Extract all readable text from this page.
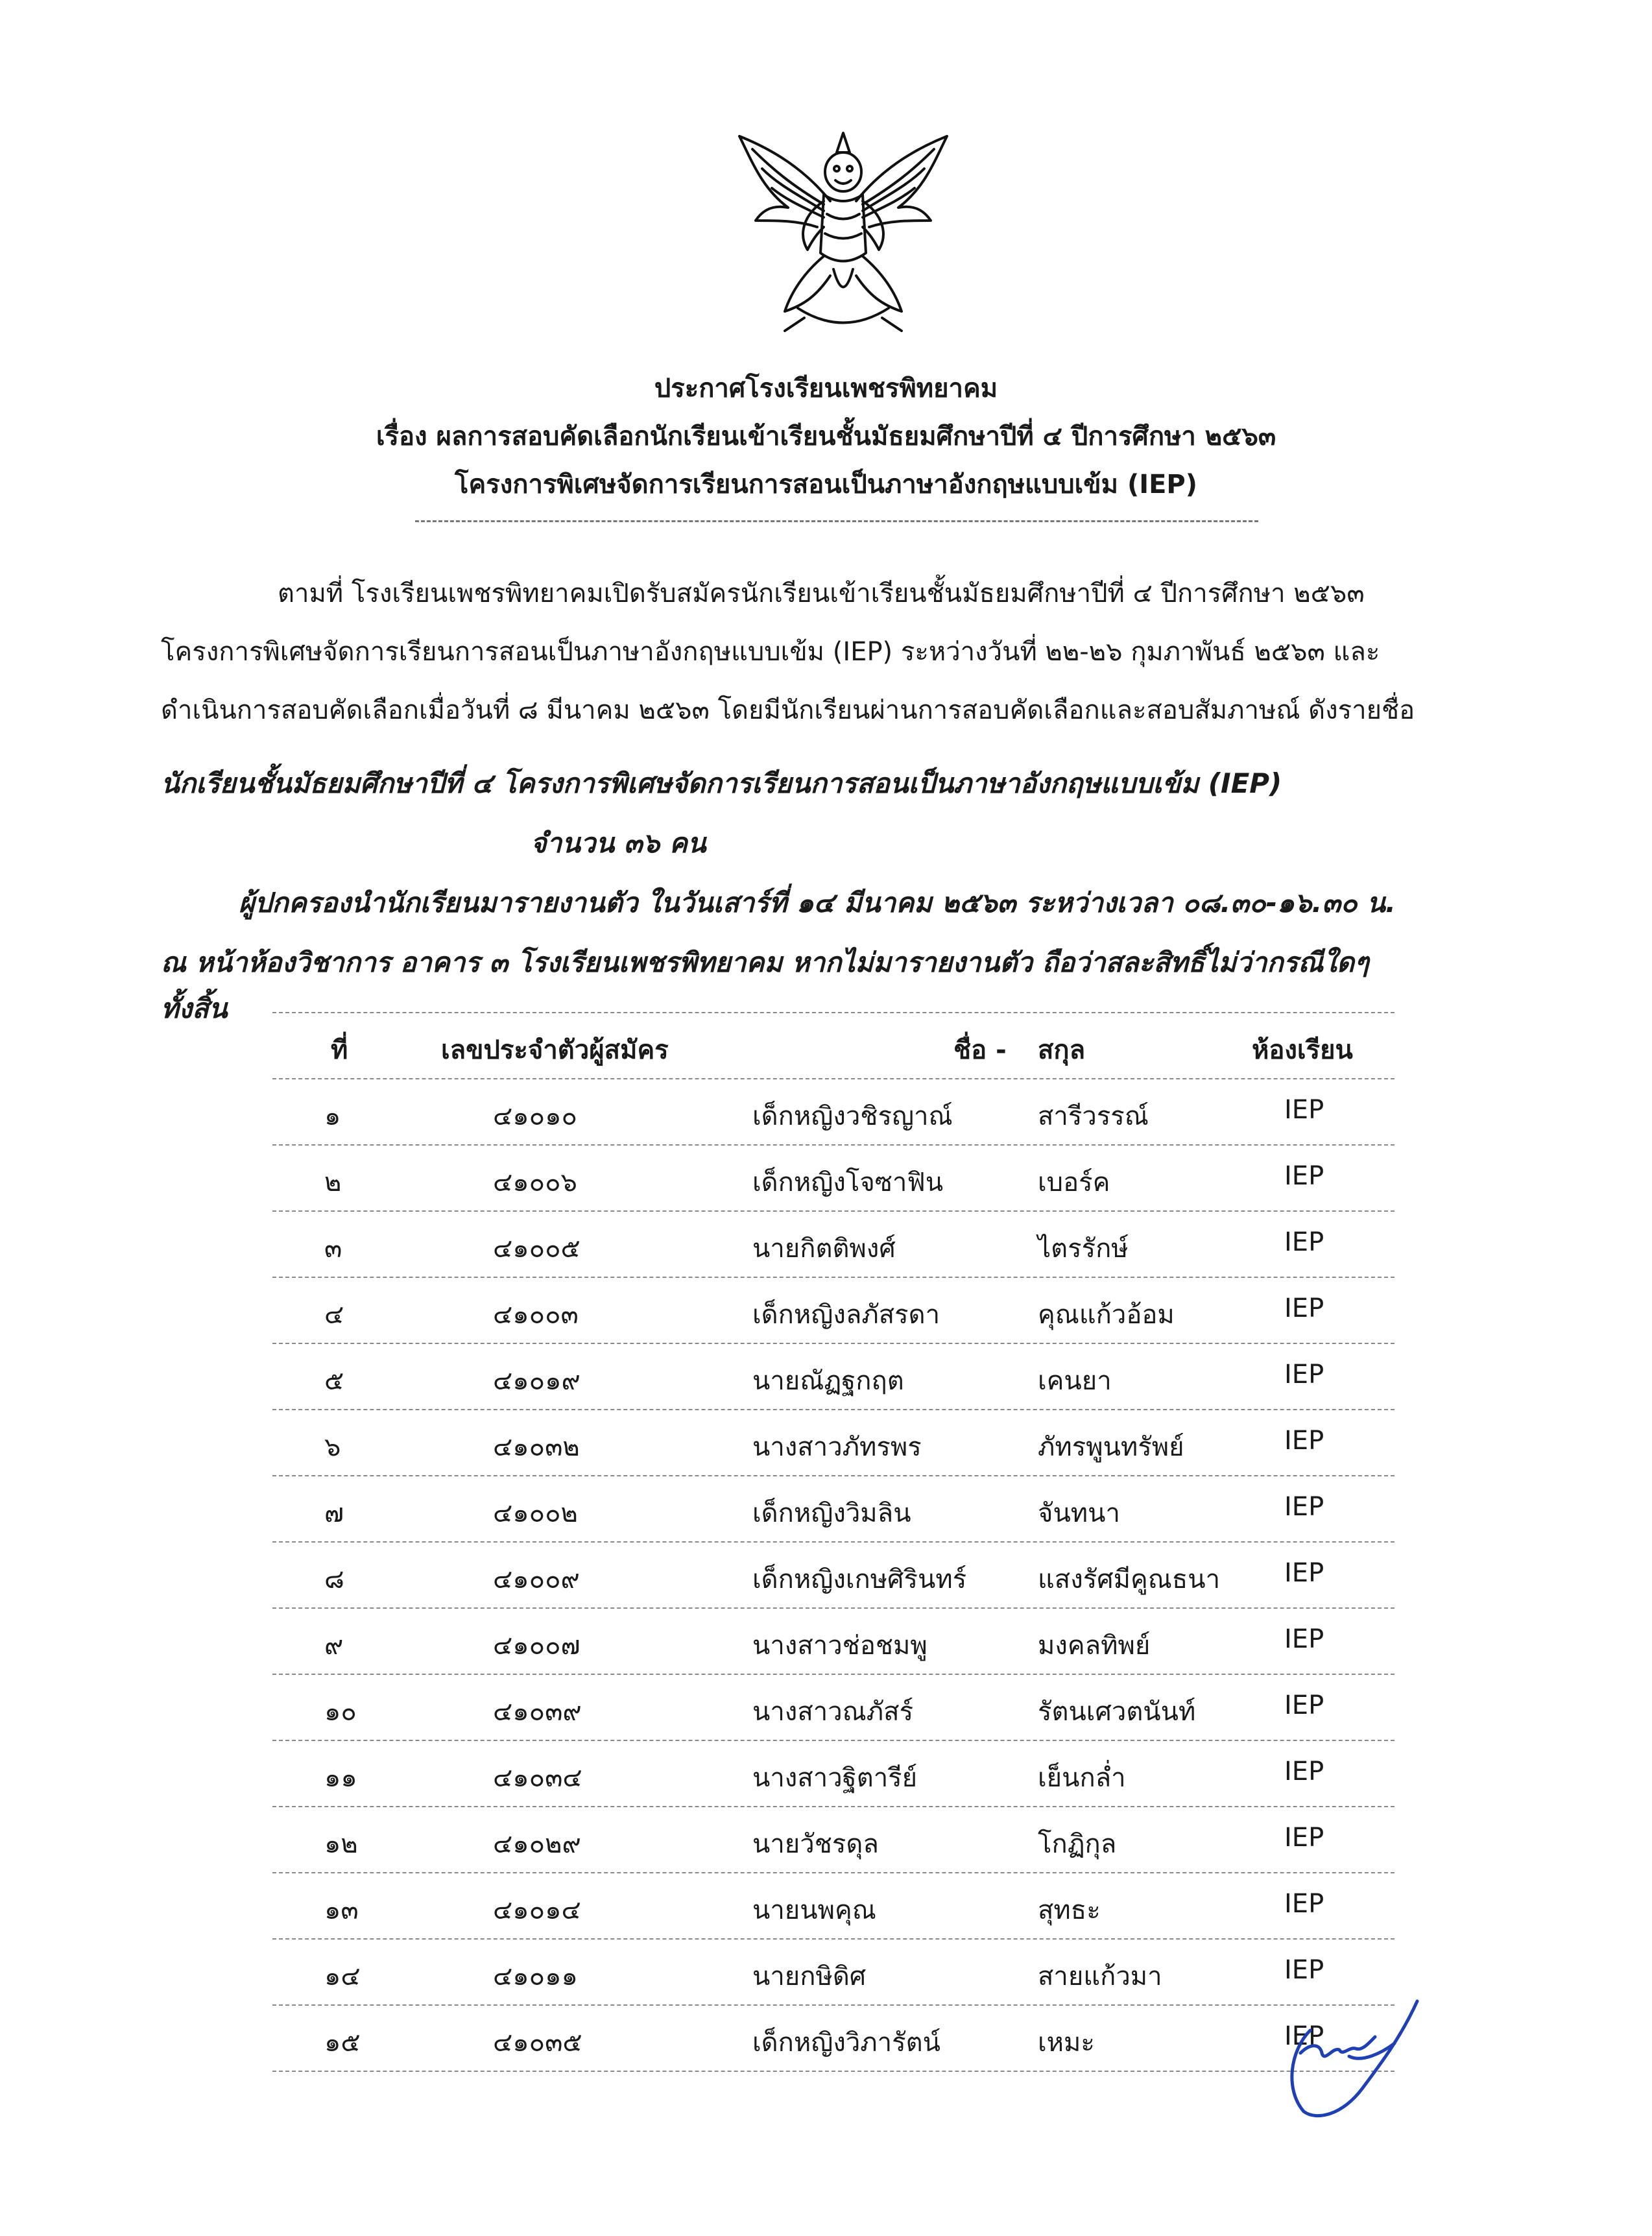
ประกาศโรงเรียนเพชรพิทยาคม
เรื่อง ผลการสอบคัดเลือกนักเรียนเข้าเรียนชั้นมัธยมศึกษาปีที่ ๔ ปีการศึกษา ๒๕๖๓
โครงการพิเศษจัดการเรียนการสอนเป็นภาษาอังกฤษแบบเข้ม (IEP)
ตามที่ โรงเรียนเพชรพิทยาคมเปิดรับสมัครนักเรียนเข้าเรียนชั้นมัธยมศึกษาปีที่ ๔ ปีการศึกษา ๒๕๖๓
โครงการพิเศษจัดการเรียนการสอนเป็นภาษาอังกฤษแบบเข้ม (IEP) ระหว่างวันที่ ๒๒-๒๖ กุมภาพันธ์ ๒๕๖๓ และ
ดำเนินการสอบคัดเลือกเมื่อวันที่ ๘ มีนาคม ๒๕๖๓ โดยมีนักเรียนผ่านการสอบคัดเลือกและสอบสัมภาษณ์ ดังรายชื่อ
นักเรียนชั้นมัธยมศึกษาปีที่ ๔ โครงการพิเศษจัดการเรียนการสอนเป็นภาษาอังกฤษแบบเข้ม (IEP)
จำนวน ๓๖ คน
ผู้ปกครองนำนักเรียนมารายงานตัว ในวันเสาร์ที่ ๑๔ มีนาคม ๒๕๖๓ ระหว่างเวลา ๐๘.๓๐-๑๖.๓๐ น.
ณ หน้าห้องวิชาการ อาคาร ๓ โรงเรียนเพชรพิทยาคม หากไม่มารายงานตัว ถือว่าสละสิทธิ์ไม่ว่ากรณีใดๆ
ทั้งสิ้น
ที่	เลขประจำตัวผู้สมัคร	ชื่อ - สกุล	ห้องเรียน
๑	๔๑๐๑๐	เด็กหญิงวชิรญาณ์	สารีวรรณ์	IEP
๒	๔๑๐๐๖	เด็กหญิงโจซาฟิน	เบอร์ค	IEP
๓	๔๑๐๐๕	นายกิตติพงศ์	ไตรรักษ์	IEP
๔	๔๑๐๐๓	เด็กหญิงลภัสรดา	คุณแก้วอ้อม	IEP
๕	๔๑๐๑๙	นายณัฏฐกฤต	เคนยา	IEP
๖	๔๑๐๓๒	นางสาวภัทรพร	ภัทรพูนทรัพย์	IEP
๗	๔๑๐๐๒	เด็กหญิงวิมลิน	จันทนา	IEP
๘	๔๑๐๐๙	เด็กหญิงเกษศิรินทร์	แสงรัศมีคูณธนา IEP
๙	๔๑๐๐๗	นางสาวช่อชมพู	มงคลทิพย์	IEP
๑๐	๔๑๐๓๙	นางสาวณภัสร์	รัตนเศวตนันท์	IEP
๑๑	๔๑๐๓๔	นางสาวฐิตารีย์	เย็นกล่ำ	IEP
๑๒	๔๑๐๒๙	นายวัชรดุล	โกฏิกุล	IEP
๑๓	๔๑๐๑๔	นายนพคุณ	สุทธะ	IEP
๑๔	๔๑๐๑๑	นายกษิดิศ	สายแก้วมา	IEP
๑๕	๔๑๐๓๕	เด็กหญิงวิภารัตน์	เหมะ	IEP
